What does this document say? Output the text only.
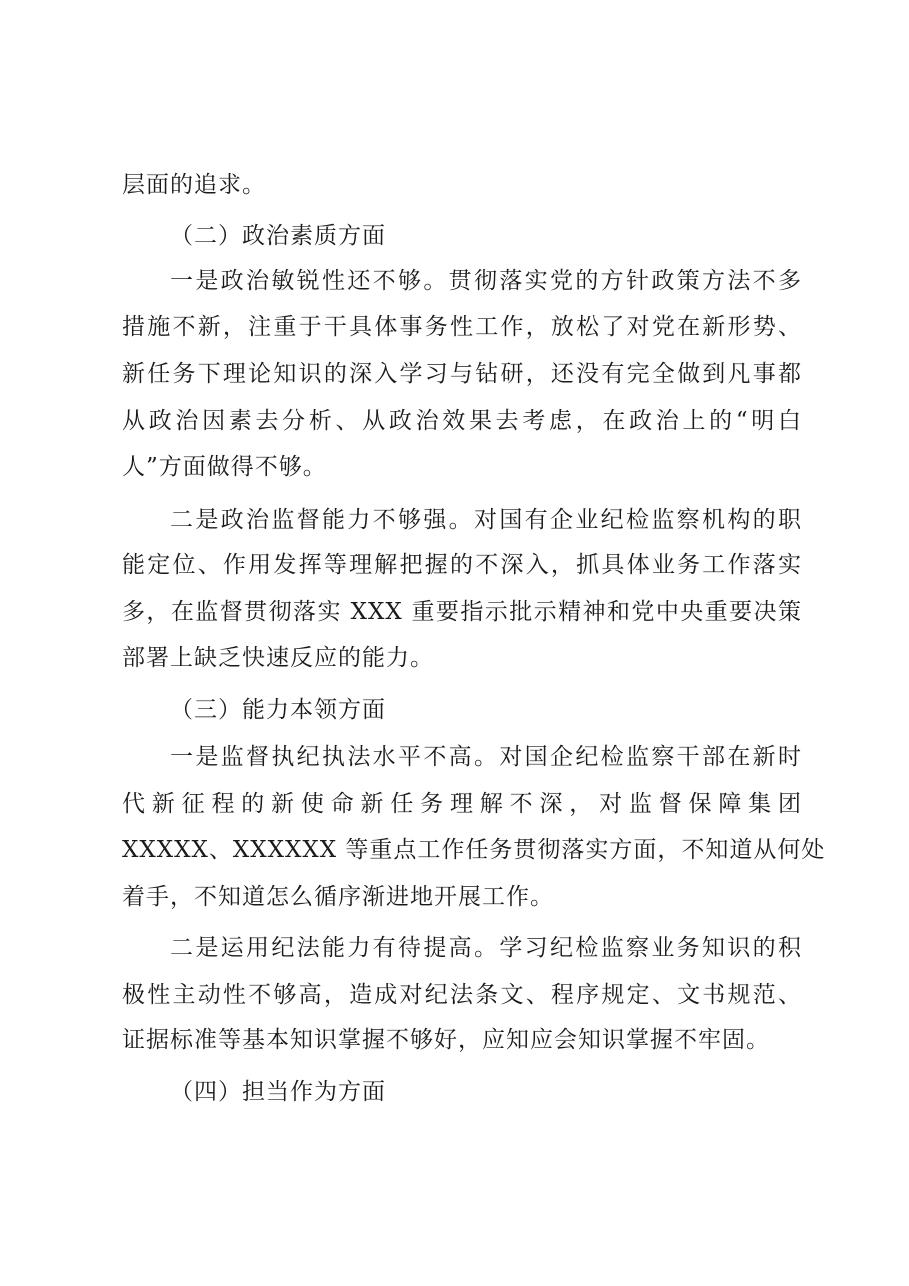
层面的追求。
（二）政治素质方面
一是政治敏锐性还不够。贯彻落实党的方针政策方法不多
措施不新，注重于干具体事务性工作，放松了对党在新形势、
新任务下理论知识的深入学习与钻研，还没有完全做到凡事都
从政治因素去分析、从政治效果去考虑，在政治上的“明白
人”方面做得不够。
二是政治监督能力不够强。对国有企业纪检监察机构的职
能定位、作用发挥等理解把握的不深入，抓具体业务工作落实
多，在监督贯彻落实 XXX 重要指示批示精神和党中央重要决策
部署上缺乏快速反应的能力。
（三）能力本领方面
一是监督执纪执法水平不高。对国企纪检监察干部在新时
代新征程的新使命新任务理解不深，对监督保障集团
XXXXX、XXXXXX 等重点工作任务贯彻落实方面，不知道从何处
着手，不知道怎么循序渐进地开展工作。
二是运用纪法能力有待提高。学习纪检监察业务知识的积
极性主动性不够高，造成对纪法条文、程序规定、文书规范、
证据标准等基本知识掌握不够好，应知应会知识掌握不牢固。
（四）担当作为方面
